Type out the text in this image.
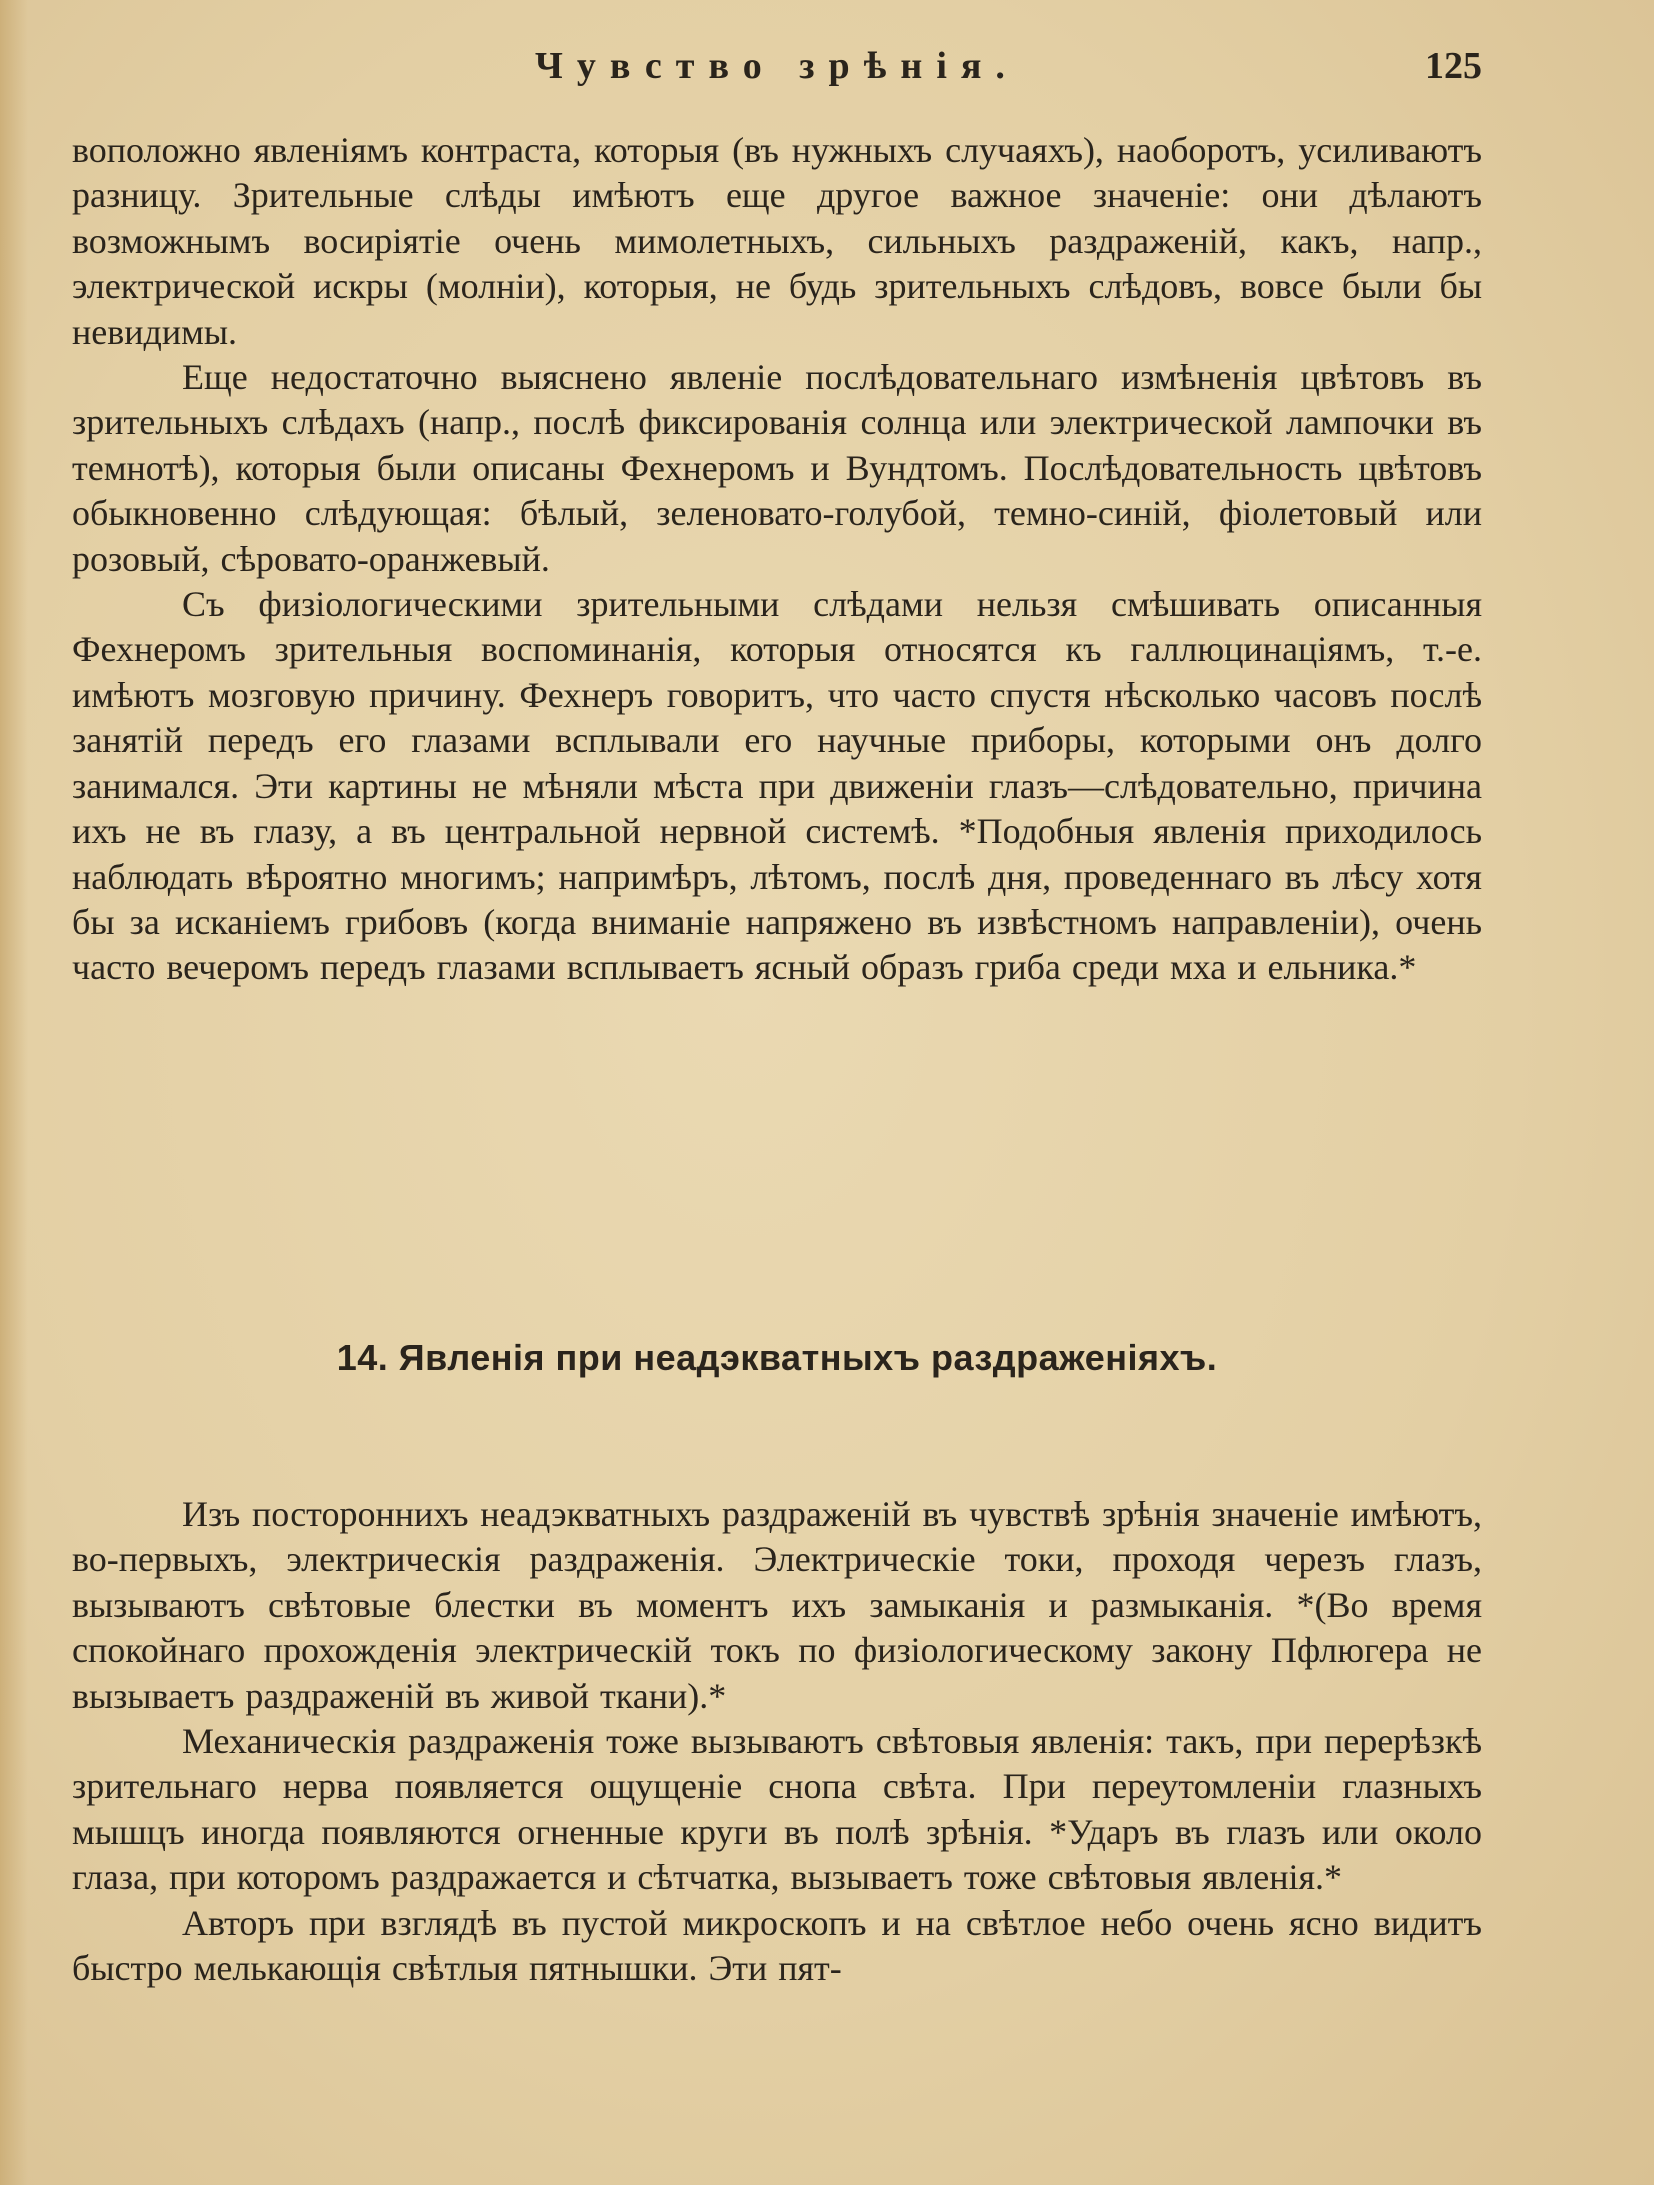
Чувство зрѣнія.	125

воположно явленіямъ контраста, которыя (въ нужныхъ случаяхъ), наоборотъ, усиливаютъ разницу. Зрительные слѣды имѣютъ еще другое важное значеніе: они дѣлаютъ возможнымъ восиріятіе очень мимолетныхъ, сильныхъ раздраженій, какъ, напр., электрической искры (молніи), которыя, не будь зрительныхъ слѣдовъ, вовсе были бы невидимы.

Еще недостаточно выяснено явленіе послѣдовательнаго измѣненія цвѣтовъ въ зрительныхъ слѣдахъ (напр., послѣ фиксированія солнца или электрической лампочки въ темнотѣ), которыя были описаны Фехнеромъ и Вундтомъ. Послѣдовательность цвѣтовъ обыкновенно слѣдующая: бѣлый, зеленовато-голубой, темно-синій, фіолетовый или розовый, сѣровато-оранжевый.

Съ физіологическими зрительными слѣдами нельзя смѣшивать описанныя Фехнеромъ зрительныя воспоминанія, которыя относятся къ галлюцинаціямъ, т.-е. имѣютъ мозговую причину. Фехнеръ говоритъ, что часто спустя нѣсколько часовъ послѣ занятій передъ его глазами всплывали его научные приборы, которыми онъ долго занимался. Эти картины не мѣняли мѣста при движеніи глазъ—слѣдовательно, причина ихъ не въ глазу, а въ центральной нервной системѣ. *Подобныя явленія приходилось наблюдать вѣроятно многимъ; напримѣръ, лѣтомъ, послѣ дня, проведеннаго въ лѣсу хотя бы за исканіемъ грибовъ (когда вниманіе напряжено въ извѣстномъ направленіи), очень часто вечеромъ передъ глазами всплываетъ ясный образъ гриба среди мха и ельника.*

14. Явленія при неадэкватныхъ раздраженіяхъ.

Изъ постороннихъ неадэкватныхъ раздраженій въ чувствѣ зрѣнія значеніе имѣютъ, во-первыхъ, электрическія раздраженія. Электрическіе токи, проходя черезъ глазъ, вызываютъ свѣтовые блестки въ моментъ ихъ замыканія и размыканія. *(Во время спокойнаго прохожденія электрическій токъ по физіологическому закону Пфлюгера не вызываетъ раздраженій въ живой ткани).*

Механическія раздраженія тоже вызываютъ свѣтовыя явленія: такъ, при перерѣзкѣ зрительнаго нерва появляется ощущеніе снопа свѣта. При переутомленіи глазныхъ мышцъ иногда появляются огненные круги въ полѣ зрѣнія. *Ударъ въ глазъ или около глаза, при которомъ раздражается и сѣтчатка, вызываетъ тоже свѣтовыя явленія.*

Авторъ при взглядѣ въ пустой микроскопъ и на свѣтлое небо очень ясно видитъ быстро мелькающія свѣтлыя пятнышки. Эти пят-
